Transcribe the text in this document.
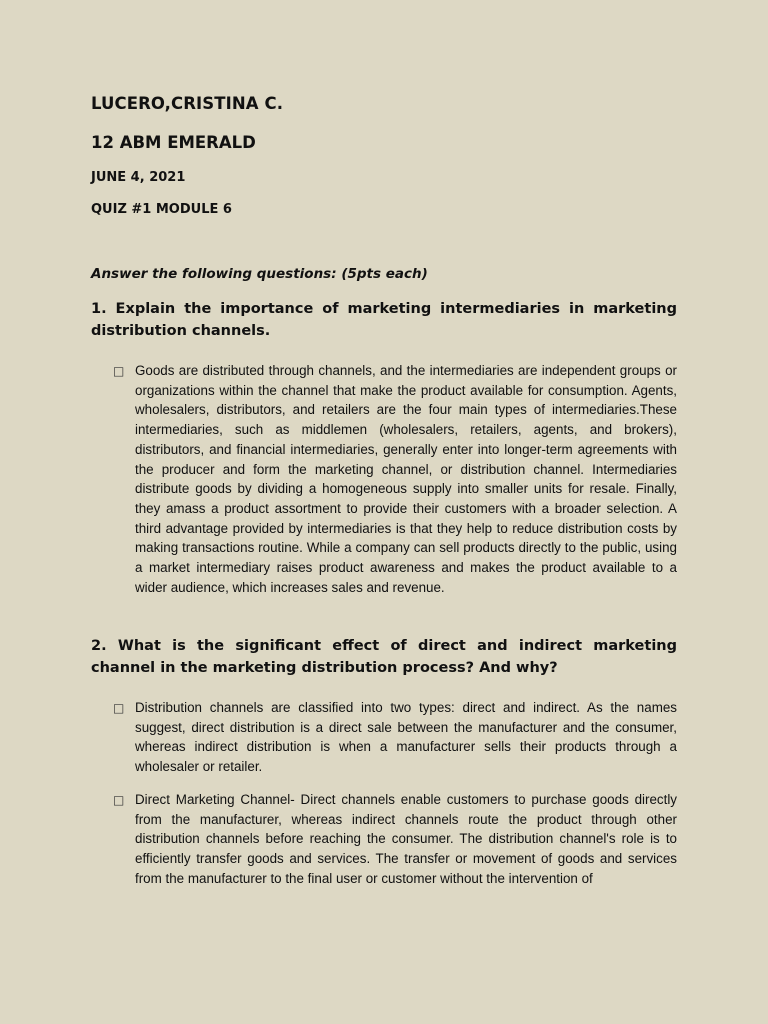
LUCERO,CRISTINA C.
12 ABM EMERALD
JUNE 4, 2021
QUIZ #1 MODULE 6
Answer the following questions: (5pts each)
1. Explain the importance of marketing intermediaries in marketing distribution channels.
□ Goods are distributed through channels, and the intermediaries are independent groups or organizations within the channel that make the product available for consumption. Agents, wholesalers, distributors, and retailers are the four main types of intermediaries.These intermediaries, such as middlemen (wholesalers, retailers, agents, and brokers), distributors, and financial intermediaries, generally enter into longer-term agreements with the producer and form the marketing channel, or distribution channel. Intermediaries distribute goods by dividing a homogeneous supply into smaller units for resale. Finally, they amass a product assortment to provide their customers with a broader selection. A third advantage provided by intermediaries is that they help to reduce distribution costs by making transactions routine. While a company can sell products directly to the public, using a market intermediary raises product awareness and makes the product available to a wider audience, which increases sales and revenue.
2. What is the significant effect of direct and indirect marketing channel in the marketing distribution process? And why?
□ Distribution channels are classified into two types: direct and indirect. As the names suggest, direct distribution is a direct sale between the manufacturer and the consumer, whereas indirect distribution is when a manufacturer sells their products through a wholesaler or retailer.
□ Direct Marketing Channel- Direct channels enable customers to purchase goods directly from the manufacturer, whereas indirect channels route the product through other distribution channels before reaching the consumer. The distribution channel's role is to efficiently transfer goods and services. The transfer or movement of goods and services from the manufacturer to the final user or customer without the intervention of
